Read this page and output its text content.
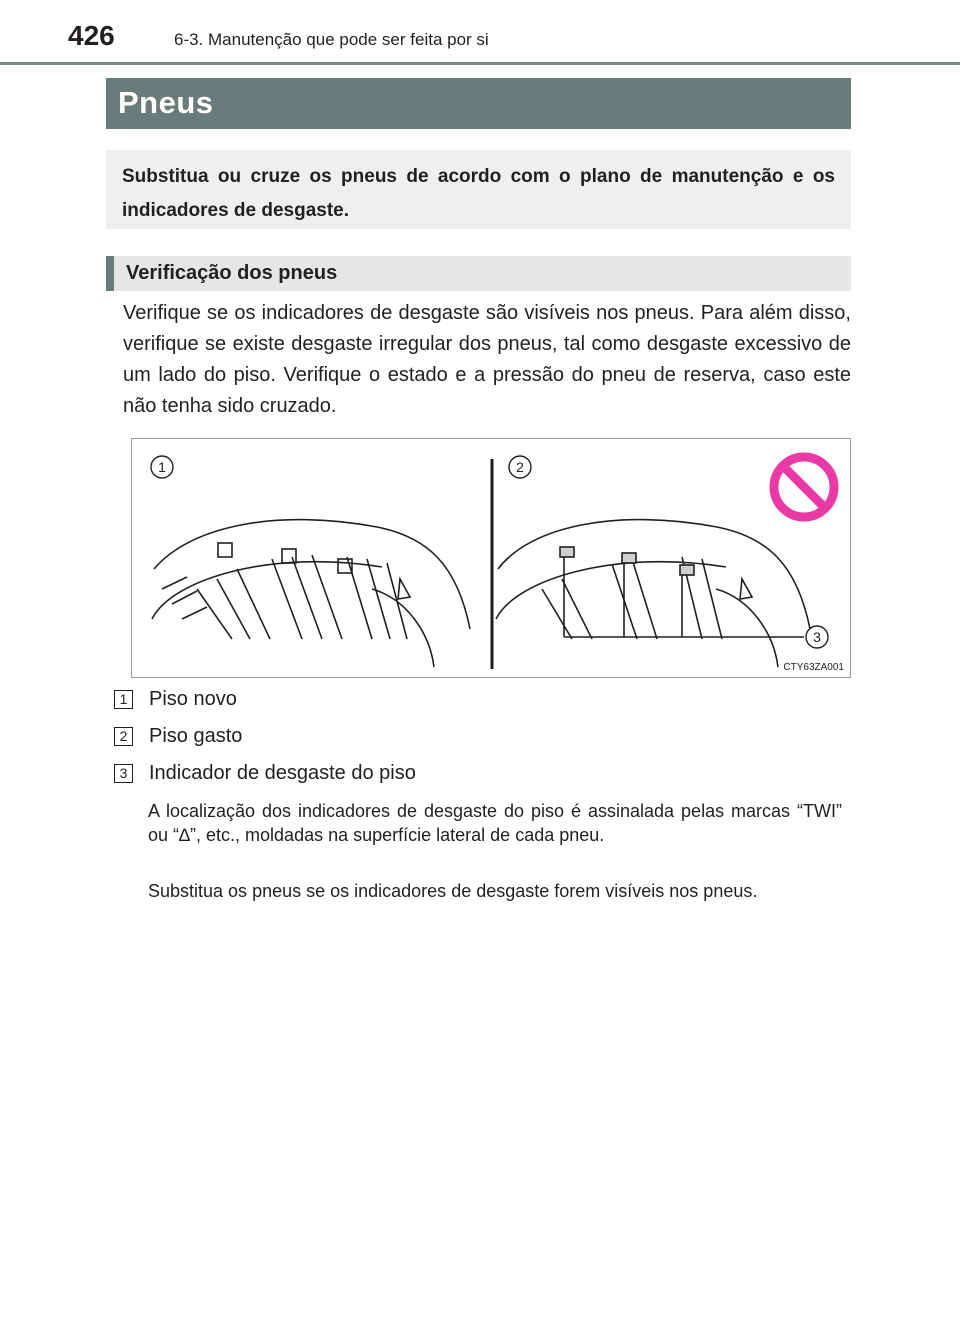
426	6-3. Manutenção que pode ser feita por si
Pneus
Substitua ou cruze os pneus de acordo com o plano de manutenção e os indicadores de desgaste.
Verificação dos pneus
Verifique se os indicadores de desgaste são visíveis nos pneus. Para além disso, verifique se existe desgaste irregular dos pneus, tal como desgaste excessivo de um lado do piso. Verifique o estado e a pressão do pneu de reserva, caso este não tenha sido cruzado.
1	2
3
CTY63ZA001
1 Piso novo
2 Piso gasto
3 Indicador de desgaste do piso
A localização dos indicadores de desgaste do piso é assinalada pelas marcas “TWI” ou “∆”, etc., moldadas na superfície lateral de cada pneu.
Substitua os pneus se os indicadores de desgaste forem visíveis nos pneus.
